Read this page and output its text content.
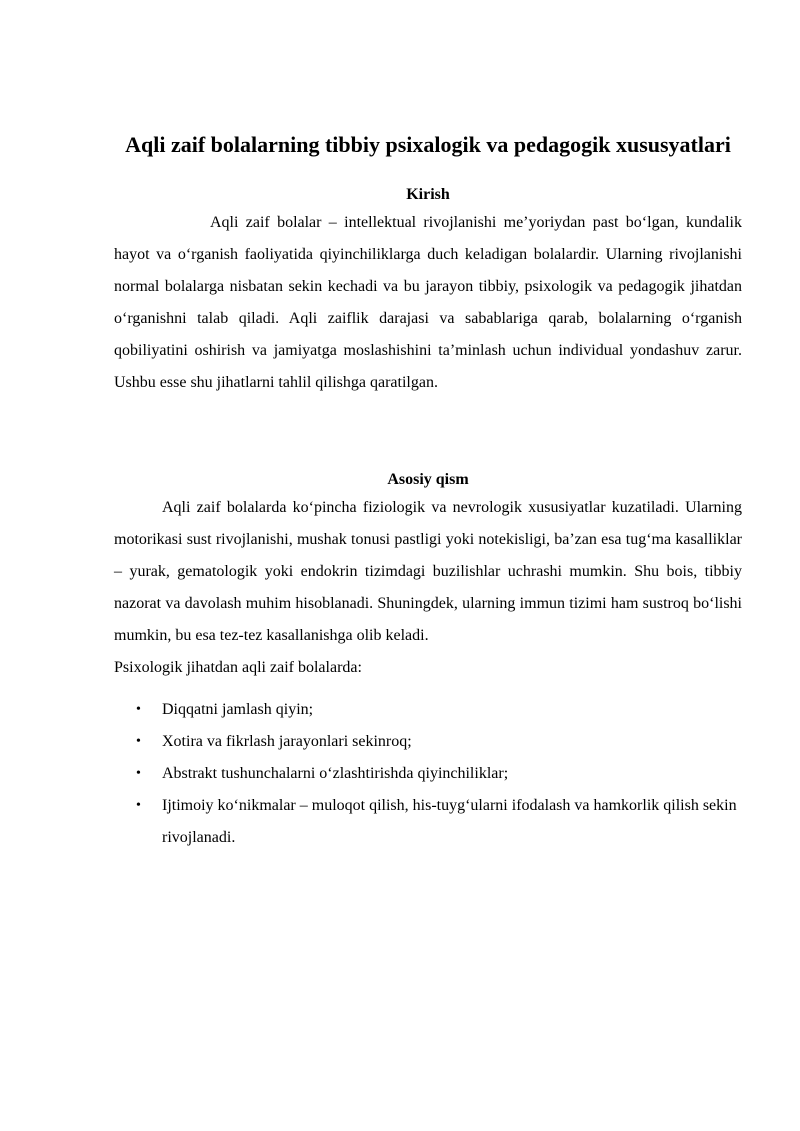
Aqli zaif bolalarning tibbiy psixalogik va pedagogik xususyatlari
Kirish

Aqli zaif bolalar – intellektual rivojlanishi me’yoriydan past bo‘lgan, kundalik hayot va o‘rganish faoliyatida qiyinchiliklarga duch keladigan bolalardir. Ularning rivojlanishi normal bolalarga nisbatan sekin kechadi va bu jarayon tibbiy, psixologik va pedagogik jihatdan o‘rganishni talab qiladi. Aqli zaiflik darajasi va sabablariga qarab, bolalarning o‘rganish qobiliyatini oshirish va jamiyatga moslashishini ta’minlash uchun individual yondashuv zarur. Ushbu esse shu jihatlarni tahlil qilishga qaratilgan.

Asosiy qism

Aqli zaif bolalarda ko‘pincha fiziologik va nevrologik xususiyatlar kuzatiladi. Ularning motorikasi sust rivojlanishi, mushak tonusi pastligi yoki notekisligi, ba’zan esa tug‘ma kasalliklar – yurak, gematologik yoki endokrin tizimdagi buzilishlar uchrashi mumkin. Shu bois, tibbiy nazorat va davolash muhim hisoblanadi. Shuningdek, ularning immun tizimi ham sustroq bo‘lishi mumkin, bu esa tez-tez kasallanishga olib keladi.

Psixologik jihatdan aqli zaif bolalarda:

• Diqqatni jamlash qiyin;
• Xotira va fikrlash jarayonlari sekinroq;
• Abstrakt tushunchalarni o‘zlashtirishda qiyinchiliklar;
• Ijtimoiy ko‘nikmalar – muloqot qilish, his-tuyg‘ularni ifodalash va hamkorlik qilish sekin rivojlanadi.
